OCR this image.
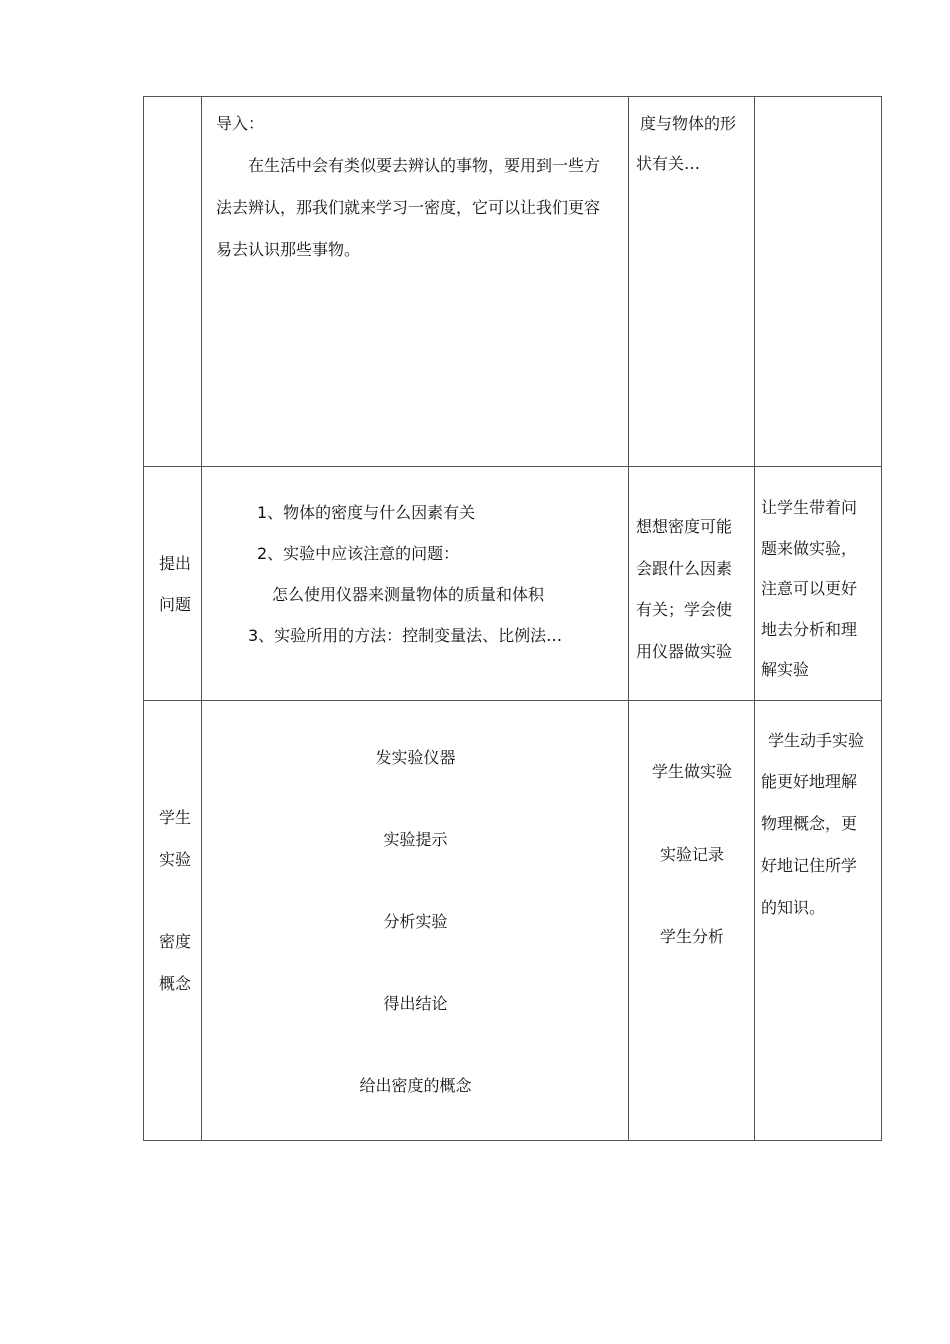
导入：
在生活中会有类似要去辨认的事物，要用到一些方
法去辨认，那我们就来学习一密度，它可以让我们更容
易去认识那些事物。
度与物体的形
状有关…
提出
问题
1、物体的密度与什么因素有关
2、实验中应该注意的问题：
怎么使用仪器来测量物体的质量和体积
3、实验所用的方法：控制变量法、比例法…
想想密度可能
会跟什么因素
有关；学会使
用仪器做实验
让学生带着问
题来做实验，
注意可以更好
地去分析和理
解实验
学生
实验
密度
概念
发实验仪器
实验提示
分析实验
得出结论
给出密度的概念
学生做实验
实验记录
学生分析
学生动手实验
能更好地理解
物理概念，更
好地记住所学
的知识。
